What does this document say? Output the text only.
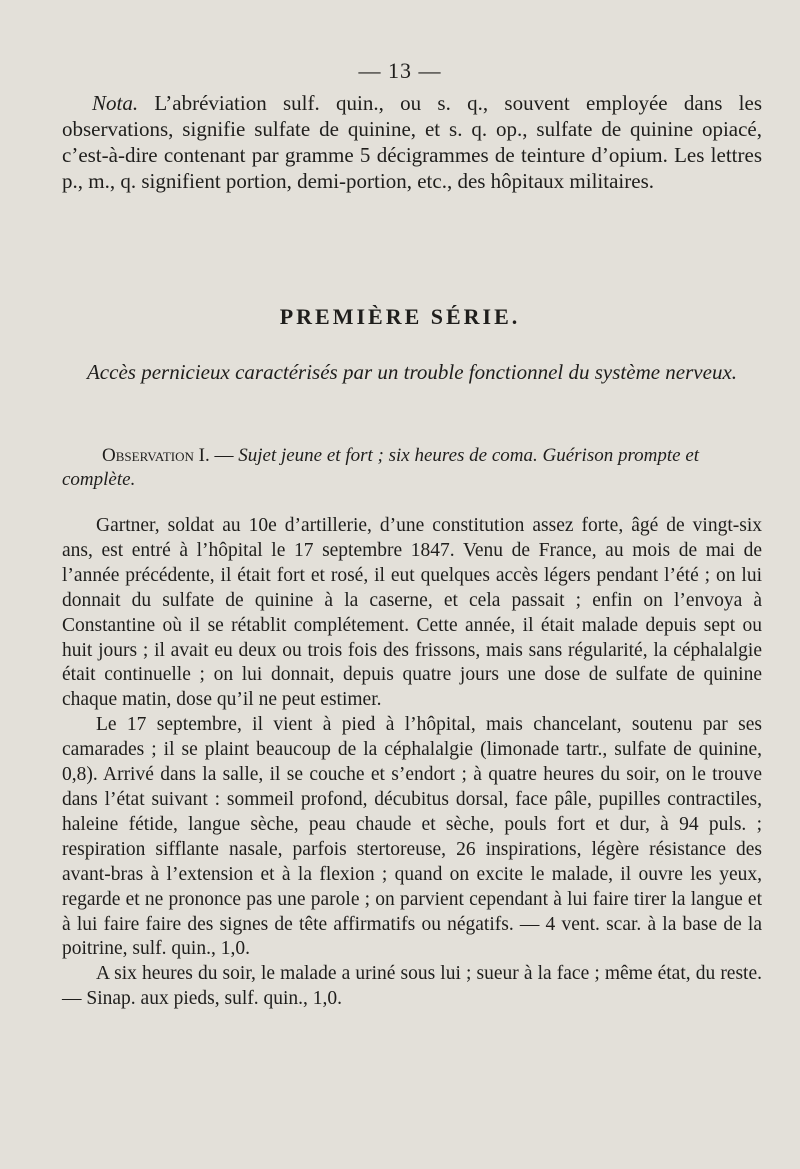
— 13 —
Nota. L’abréviation sulf. quin., ou s. q., souvent employée dans les observations, signifie sulfate de quinine, et s. q. op., sulfate de quinine opiacé, c’est-à-dire contenant par gramme 5 décigrammes de teinture d’opium. Les lettres p., m., q. signifient portion, demi-portion, etc., des hôpitaux militaires.
PREMIÈRE SÉRIE.
Accès pernicieux caractérisés par un trouble fonctionnel du système nerveux.
Observation I. — Sujet jeune et fort ; six heures de coma. Guérison prompte et complète.

Gartner, soldat au 10e d’artillerie, d’une constitution assez forte, âgé de vingt-six ans, est entré à l’hôpital le 17 septembre 1847. Venu de France, au mois de mai de l’année précédente, il était fort et rosé, il eut quelques accès légers pendant l’été ; on lui donnait du sulfate de quinine à la caserne, et cela passait ; enfin on l’envoya à Constantine où il se rétablit complétement. Cette année, il était malade depuis sept ou huit jours ; il avait eu deux ou trois fois des frissons, mais sans régularité, la céphalalgie était continuelle ; on lui donnait, depuis quatre jours une dose de sulfate de quinine chaque matin, dose qu’il ne peut estimer.

Le 17 septembre, il vient à pied à l’hôpital, mais chancelant, soutenu par ses camarades ; il se plaint beaucoup de la céphalalgie (limonade tartr., sulfate de quinine, 0,8). Arrivé dans la salle, il se couche et s’endort ; à quatre heures du soir, on le trouve dans l’état suivant : sommeil profond, décubitus dorsal, face pâle, pupilles contractiles, haleine fétide, langue sèche, peau chaude et sèche, pouls fort et dur, à 94 puls. ; respiration sifflante nasale, parfois stertoreuse, 26 inspirations, légère résistance des avant-bras à l’extension et à la flexion ; quand on excite le malade, il ouvre les yeux, regarde et ne prononce pas une parole ; on parvient cependant à lui faire tirer la langue et à lui faire faire des signes de tête affirmatifs ou négatifs. — 4 vent. scar. à la base de la poitrine, sulf. quin., 1,0.

A six heures du soir, le malade a uriné sous lui ; sueur à la face ; même état, du reste. — Sinap. aux pieds, sulf. quin., 1,0.
